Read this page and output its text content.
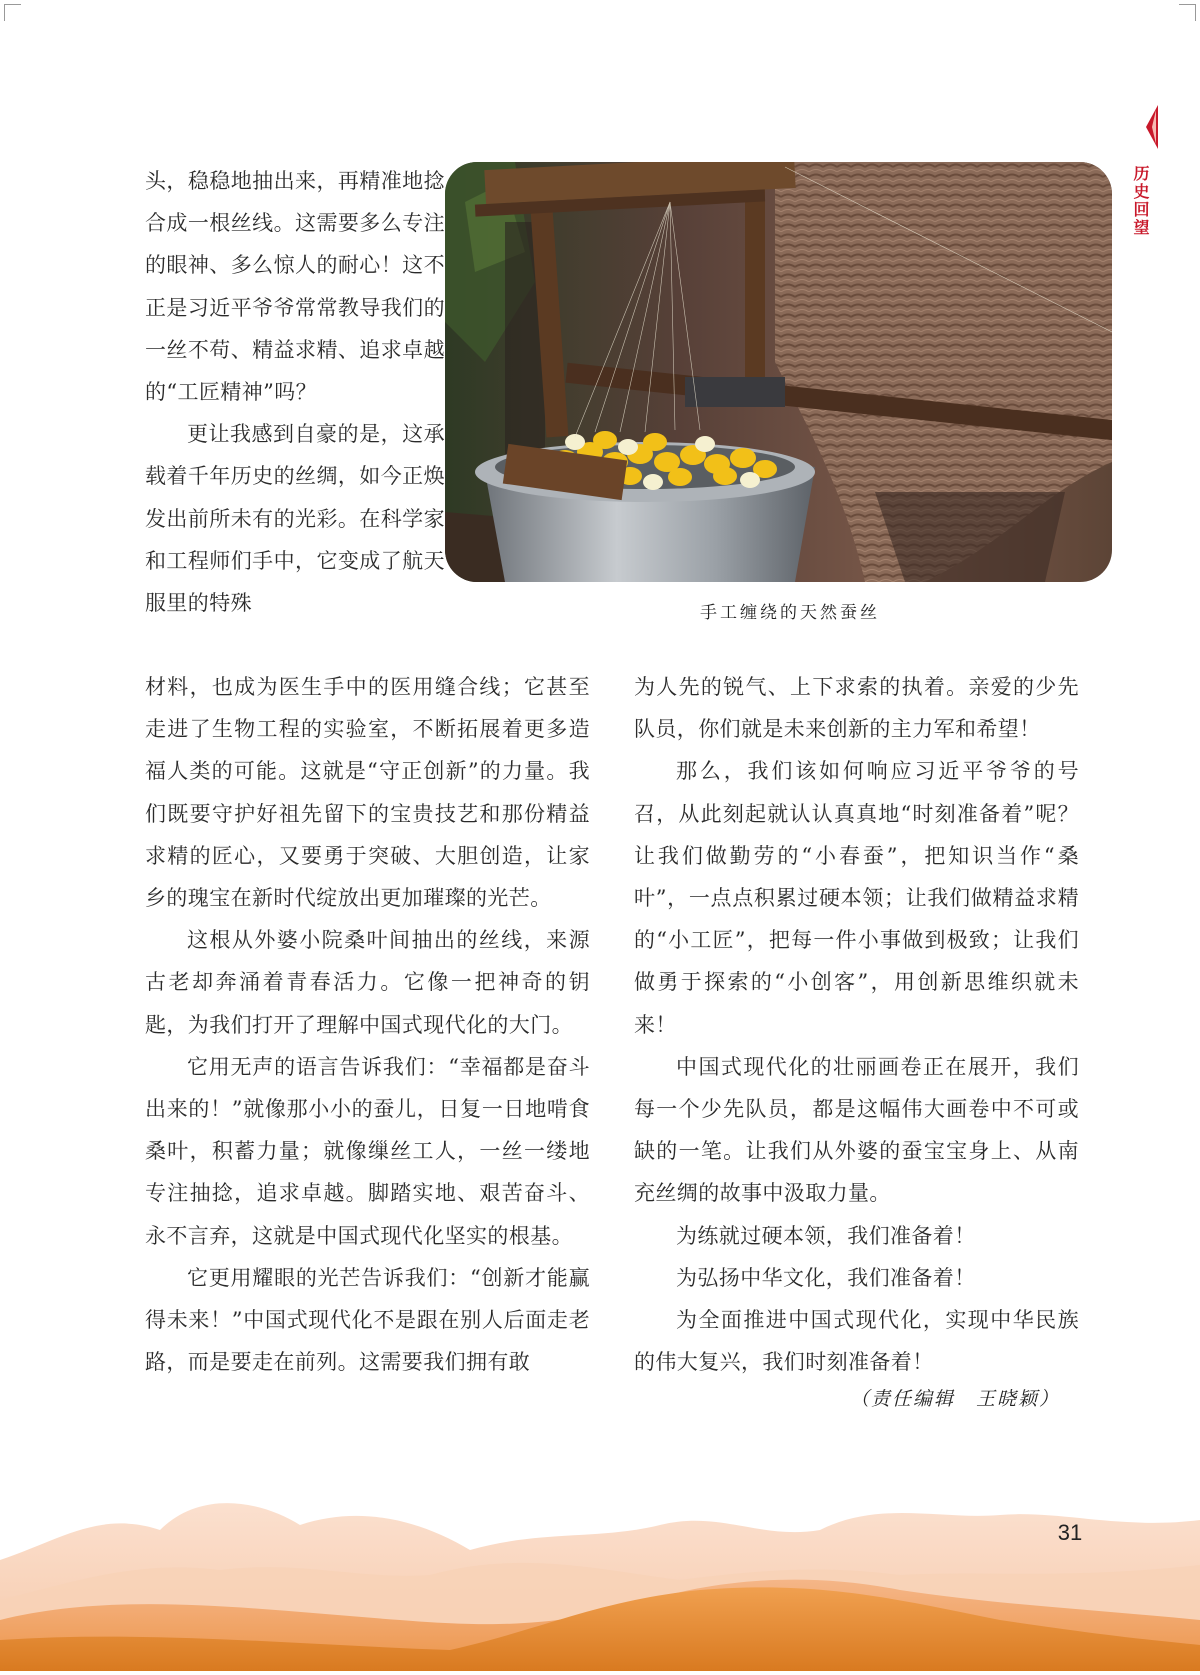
历史回望
手工缠绕的天然蚕丝

头，稳稳地抽出来，再精准地捻合成一根丝线。这需要多么专注的眼神、多么惊人的耐心！这不正是习近平爷爷常常教导我们的一丝不苟、精益求精、追求卓越的“工匠精神”吗？

更让我感到自豪的是，这承载着千年历史的丝绸，如今正焕发出前所未有的光彩。在科学家和工程师们手中，它变成了航天服里的特殊

材料，也成为医生手中的医用缝合线；它甚至走进了生物工程的实验室，不断拓展着更多造福人类的可能。这就是“守正创新”的力量。我们既要守护好祖先留下的宝贵技艺和那份精益求精的匠心，又要勇于突破、大胆创造，让家乡的瑰宝在新时代绽放出更加璀璨的光芒。

这根从外婆小院桑叶间抽出的丝线，来源古老却奔涌着青春活力。它像一把神奇的钥匙，为我们打开了理解中国式现代化的大门。

它用无声的语言告诉我们：“幸福都是奋斗出来的！”就像那小小的蚕儿，日复一日地啃食桑叶，积蓄力量；就像缫丝工人，一丝一缕地专注抽捻，追求卓越。脚踏实地、艰苦奋斗、永不言弃，这就是中国式现代化坚实的根基。

它更用耀眼的光芒告诉我们：“创新才能赢得未来！”中国式现代化不是跟在别人后面走老路，而是要走在前列。这需要我们拥有敢

为人先的锐气、上下求索的执着。亲爱的少先队员，你们就是未来创新的主力军和希望！

那么，我们该如何响应习近平爷爷的号召，从此刻起就认认真真地“时刻准备着”呢？让我们做勤劳的“小春蚕”，把知识当作“桑叶”，一点点积累过硬本领；让我们做精益求精的“小工匠”，把每一件小事做到极致；让我们做勇于探索的“小创客”，用创新思维织就未来！

中国式现代化的壮丽画卷正在展开，我们每一个少先队员，都是这幅伟大画卷中不可或缺的一笔。让我们从外婆的蚕宝宝身上、从南充丝绸的故事中汲取力量。

为练就过硬本领，我们准备着！

为弘扬中华文化，我们准备着！

为全面推进中国式现代化，实现中华民族的伟大复兴，我们时刻准备着！

（责任编辑　王晓颖）
31
